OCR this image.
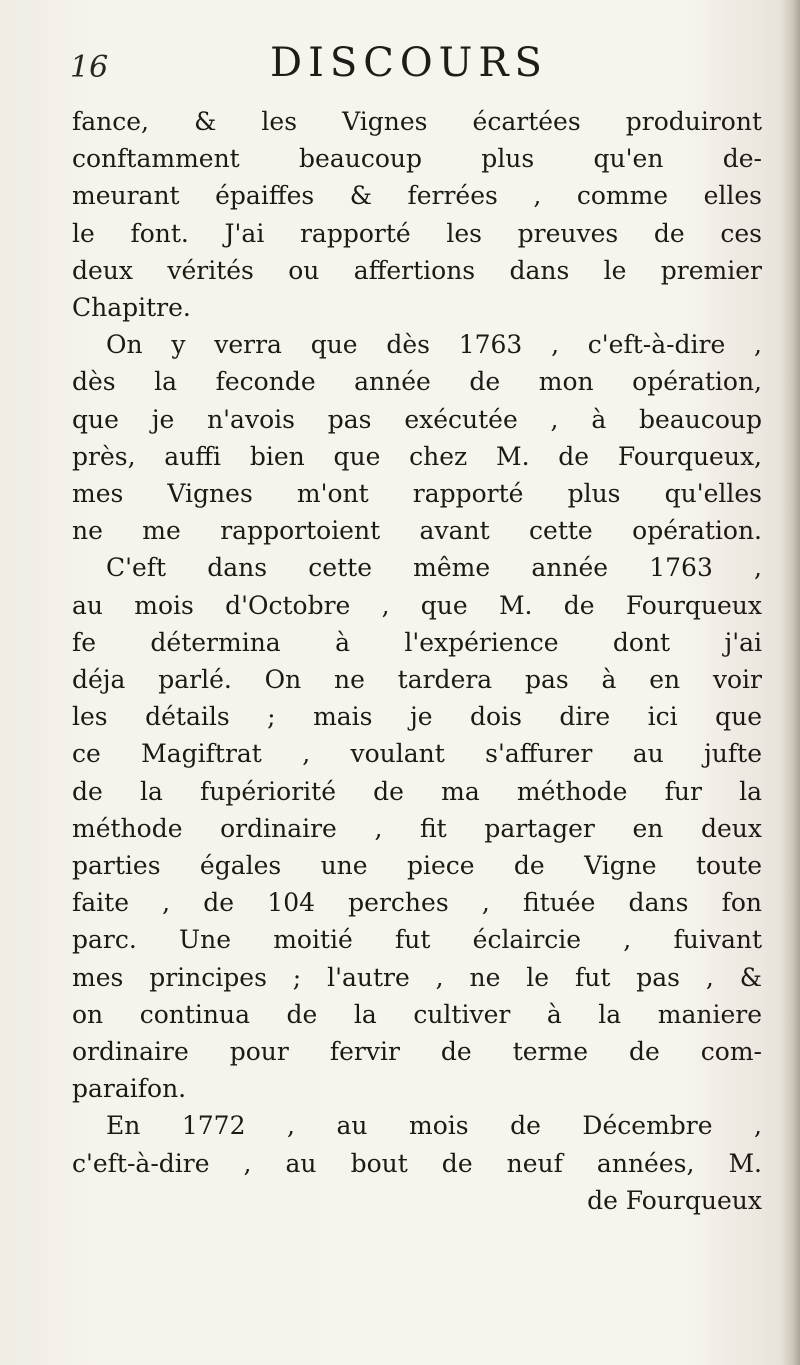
16	DISCOURS
fance, & les Vignes écartées produiront
conftamment beaucoup plus qu'en de-
meurant épaiffes & ferrées , comme elles
le font. J'ai rapporté les preuves de ces
deux vérités ou affertions dans le premier
Chapitre.
On y verra que dès 1763 , c'eft-à-dire ,
dès la feconde année de mon opération,
que je n'avois pas exécutée , à beaucoup
près, auffi bien que chez M. de Fourqueux,
mes Vignes m'ont rapporté plus qu'elles
ne me rapportoient avant cette opération.
C'eft dans cette même année 1763 ,
au mois d'Octobre , que M. de Fourqueux
fe détermina à l'expérience dont j'ai
déja parlé. On ne tardera pas à en voir
les détails ; mais je dois dire ici que
ce Magiftrat , voulant s'affurer au jufte
de la fupériorité de ma méthode fur la
méthode ordinaire , fit partager en deux
parties égales une piece de Vigne toute
faite , de 104 perches , fituée dans fon
parc. Une moitié fut éclaircie , fuivant
mes principes ; l'autre , ne le fut pas , &
on continua de la cultiver à la maniere
ordinaire pour fervir de terme de com-
paraifon.
En 1772 , au mois de Décembre ,
c'eft-à-dire , au bout de neuf années, M.
de Fourqueux
